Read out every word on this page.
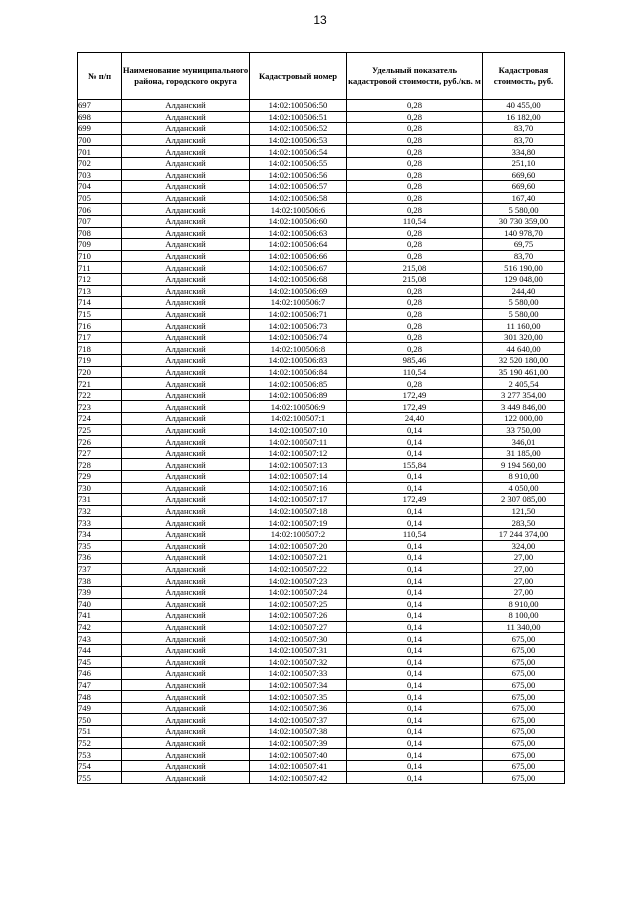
13
№ п/п	Наименование муниципального района, городского округа	Кадастровый номер	Удельный показатель кадастровой стоимости, руб./кв. м	Кадастровая стоимость, руб.
697	Алданский	14:02:100506:50	0,28	40 455,00
698	Алданский	14:02:100506:51	0,28	16 182,00
699	Алданский	14:02:100506:52	0,28	83,70
700	Алданский	14:02:100506:53	0,28	83,70
701	Алданский	14:02:100506:54	0,28	334,80
702	Алданский	14:02:100506:55	0,28	251,10
703	Алданский	14:02:100506:56	0,28	669,60
704	Алданский	14:02:100506:57	0,28	669,60
705	Алданский	14:02:100506:58	0,28	167,40
706	Алданский	14:02:100506:6	0,28	5 580,00
707	Алданский	14:02:100506:60	110,54	30 730 359,00
708	Алданский	14:02:100506:63	0,28	140 978,70
709	Алданский	14:02:100506:64	0,28	69,75
710	Алданский	14:02:100506:66	0,28	83,70
711	Алданский	14:02:100506:67	215,08	516 190,00
712	Алданский	14:02:100506:68	215,08	129 048,00
713	Алданский	14:02:100506:69	0,28	244,40
714	Алданский	14:02:100506:7	0,28	5 580,00
715	Алданский	14:02:100506:71	0,28	5 580,00
716	Алданский	14:02:100506:73	0,28	11 160,00
717	Алданский	14:02:100506:74	0,28	301 320,00
718	Алданский	14:02:100506:8	0,28	44 640,00
719	Алданский	14:02:100506:83	985,46	32 520 180,00
720	Алданский	14:02:100506:84	110,54	35 190 461,00
721	Алданский	14:02:100506:85	0,28	2 405,54
722	Алданский	14:02:100506:89	172,49	3 277 354,00
723	Алданский	14:02:100506:9	172,49	3 449 846,00
724	Алданский	14:02:100507:1	24,40	122 000,00
725	Алданский	14:02:100507:10	0,14	33 750,00
726	Алданский	14:02:100507:11	0,14	346,01
727	Алданский	14:02:100507:12	0,14	31 185,00
728	Алданский	14:02:100507:13	155,84	9 194 560,00
729	Алданский	14:02:100507:14	0,14	8 910,00
730	Алданский	14:02:100507:16	0,14	4 050,00
731	Алданский	14:02:100507:17	172,49	2 307 085,00
732	Алданский	14:02:100507:18	0,14	121,50
733	Алданский	14:02:100507:19	0,14	283,50
734	Алданский	14:02:100507:2	110,54	17 244 374,00
735	Алданский	14:02:100507:20	0,14	324,00
736	Алданский	14:02:100507:21	0,14	27,00
737	Алданский	14:02:100507:22	0,14	27,00
738	Алданский	14:02:100507:23	0,14	27,00
739	Алданский	14:02:100507:24	0,14	27,00
740	Алданский	14:02:100507:25	0,14	8 910,00
741	Алданский	14:02:100507:26	0,14	8 100,00
742	Алданский	14:02:100507:27	0,14	11 340,00
743	Алданский	14:02:100507:30	0,14	675,00
744	Алданский	14:02:100507:31	0,14	675,00
745	Алданский	14:02:100507:32	0,14	675,00
746	Алданский	14:02:100507:33	0,14	675,00
747	Алданский	14:02:100507:34	0,14	675,00
748	Алданский	14:02:100507:35	0,14	675,00
749	Алданский	14:02:100507:36	0,14	675,00
750	Алданский	14:02:100507:37	0,14	675,00
751	Алданский	14:02:100507:38	0,14	675,00
752	Алданский	14:02:100507:39	0,14	675,00
753	Алданский	14:02:100507:40	0,14	675,00
754	Алданский	14:02:100507:41	0,14	675,00
755	Алданский	14:02:100507:42	0,14	675,00
